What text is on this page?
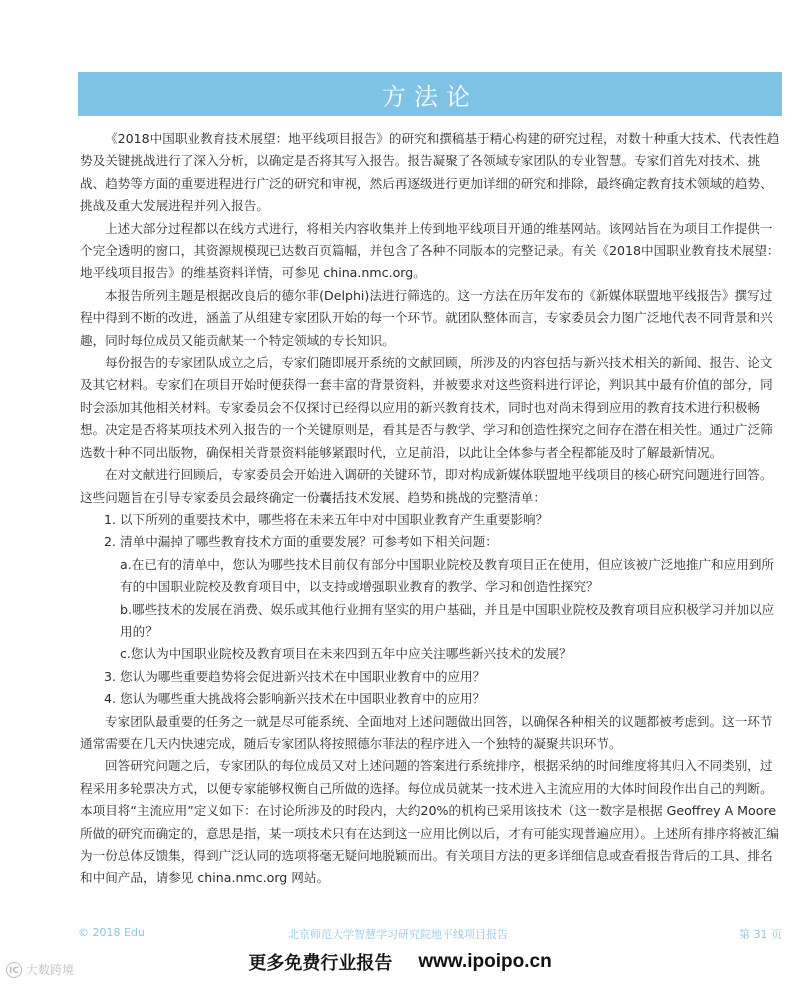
方法论

《2018中国职业教育技术展望：地平线项目报告》的研究和撰稿基于精心构建的研究过程，对数十种重大技术、代表性趋势及关键挑战进行了深入分析，以确定是否将其写入报告。报告凝聚了各领域专家团队的专业智慧。专家们首先对技术、挑战、趋势等方面的重要进程进行广泛的研究和审视，然后再逐级进行更加详细的研究和排除，最终确定教育技术领域的趋势、挑战及重大发展进程并列入报告。

上述大部分过程都以在线方式进行，将相关内容收集并上传到地平线项目开通的维基网站。该网站旨在为项目工作提供一个完全透明的窗口，其资源规模现已达数百页篇幅，并包含了各种不同版本的完整记录。有关《2018中国职业教育技术展望：地平线项目报告》的维基资料详情，可参见 china.nmc.org。

本报告所列主题是根据改良后的德尔菲(Delphi)法进行筛选的。这一方法在历年发布的《新媒体联盟地平线报告》撰写过程中得到不断的改进，涵盖了从组建专家团队开始的每一个环节。就团队整体而言，专家委员会力图广泛地代表不同背景和兴趣，同时每位成员又能贡献某一个特定领域的专长知识。

每份报告的专家团队成立之后，专家们随即展开系统的文献回顾，所涉及的内容包括与新兴技术相关的新闻、报告、论文及其它材料。专家们在项目开始时便获得一套丰富的背景资料，并被要求对这些资料进行评论，判识其中最有价值的部分，同时会添加其他相关材料。专家委员会不仅探讨已经得以应用的新兴教育技术，同时也对尚未得到应用的教育技术进行积极畅想。决定是否将某项技术列入报告的一个关键原则是，看其是否与教学、学习和创造性探究之间存在潜在相关性。通过广泛筛选数十种不同出版物，确保相关背景资料能够紧跟时代，立足前沿，以此让全体参与者全程都能及时了解最新情况。

在对文献进行回顾后，专家委员会开始进入调研的关键环节，即对构成新媒体联盟地平线项目的核心研究问题进行回答。这些问题旨在引导专家委员会最终确定一份囊括技术发展、趋势和挑战的完整清单：

1. 以下所列的重要技术中，哪些将在未来五年中对中国职业教育产生重要影响？
2. 清单中漏掉了哪些教育技术方面的重要发展？可参考如下相关问题：
a.在已有的清单中，您认为哪些技术目前仅有部分中国职业院校及教育项目正在使用，但应该被广泛地推广和应用到所有的中国职业院校及教育项目中，以支持或增强职业教育的教学、学习和创造性探究？
b.哪些技术的发展在消费、娱乐或其他行业拥有坚实的用户基础，并且是中国职业院校及教育项目应积极学习并加以应用的？
c.您认为中国职业院校及教育项目在未来四到五年中应关注哪些新兴技术的发展？
3. 您认为哪些重要趋势将会促进新兴技术在中国职业教育中的应用？
4. 您认为哪些重大挑战将会影响新兴技术在中国职业教育中的应用？

专家团队最重要的任务之一就是尽可能系统、全面地对上述问题做出回答，以确保各种相关的议题都被考虑到。这一环节通常需要在几天内快速完成，随后专家团队将按照德尔菲法的程序进入一个独特的凝聚共识环节。

回答研究问题之后，专家团队的每位成员又对上述问题的答案进行系统排序，根据采纳的时间维度将其归入不同类别，过程采用多轮票决方式，以便专家能够权衡自己所做的选择。每位成员就某一技术进入主流应用的大体时间段作出自己的判断。本项目将“主流应用”定义如下：在讨论所涉及的时段内，大约20%的机构已采用该技术（这一数字是根据 Geoffrey A Moore 所做的研究而确定的，意思是指，某一项技术只有在达到这一应用比例以后，才有可能实现普遍应用）。上述所有排序将被汇编为一份总体反馈集，得到广泛认同的选项将毫无疑问地脱颖而出。有关项目方法的更多详细信息或查看报告背后的工具、排名和中间产品，请参见 china.nmc.org 网站。

© 2018 Edu	北京师范大学智慧学习研究院地平线项目报告	第 31 页
更多免费行业报告 www.ipoipo.cn
IC 大数跨境
